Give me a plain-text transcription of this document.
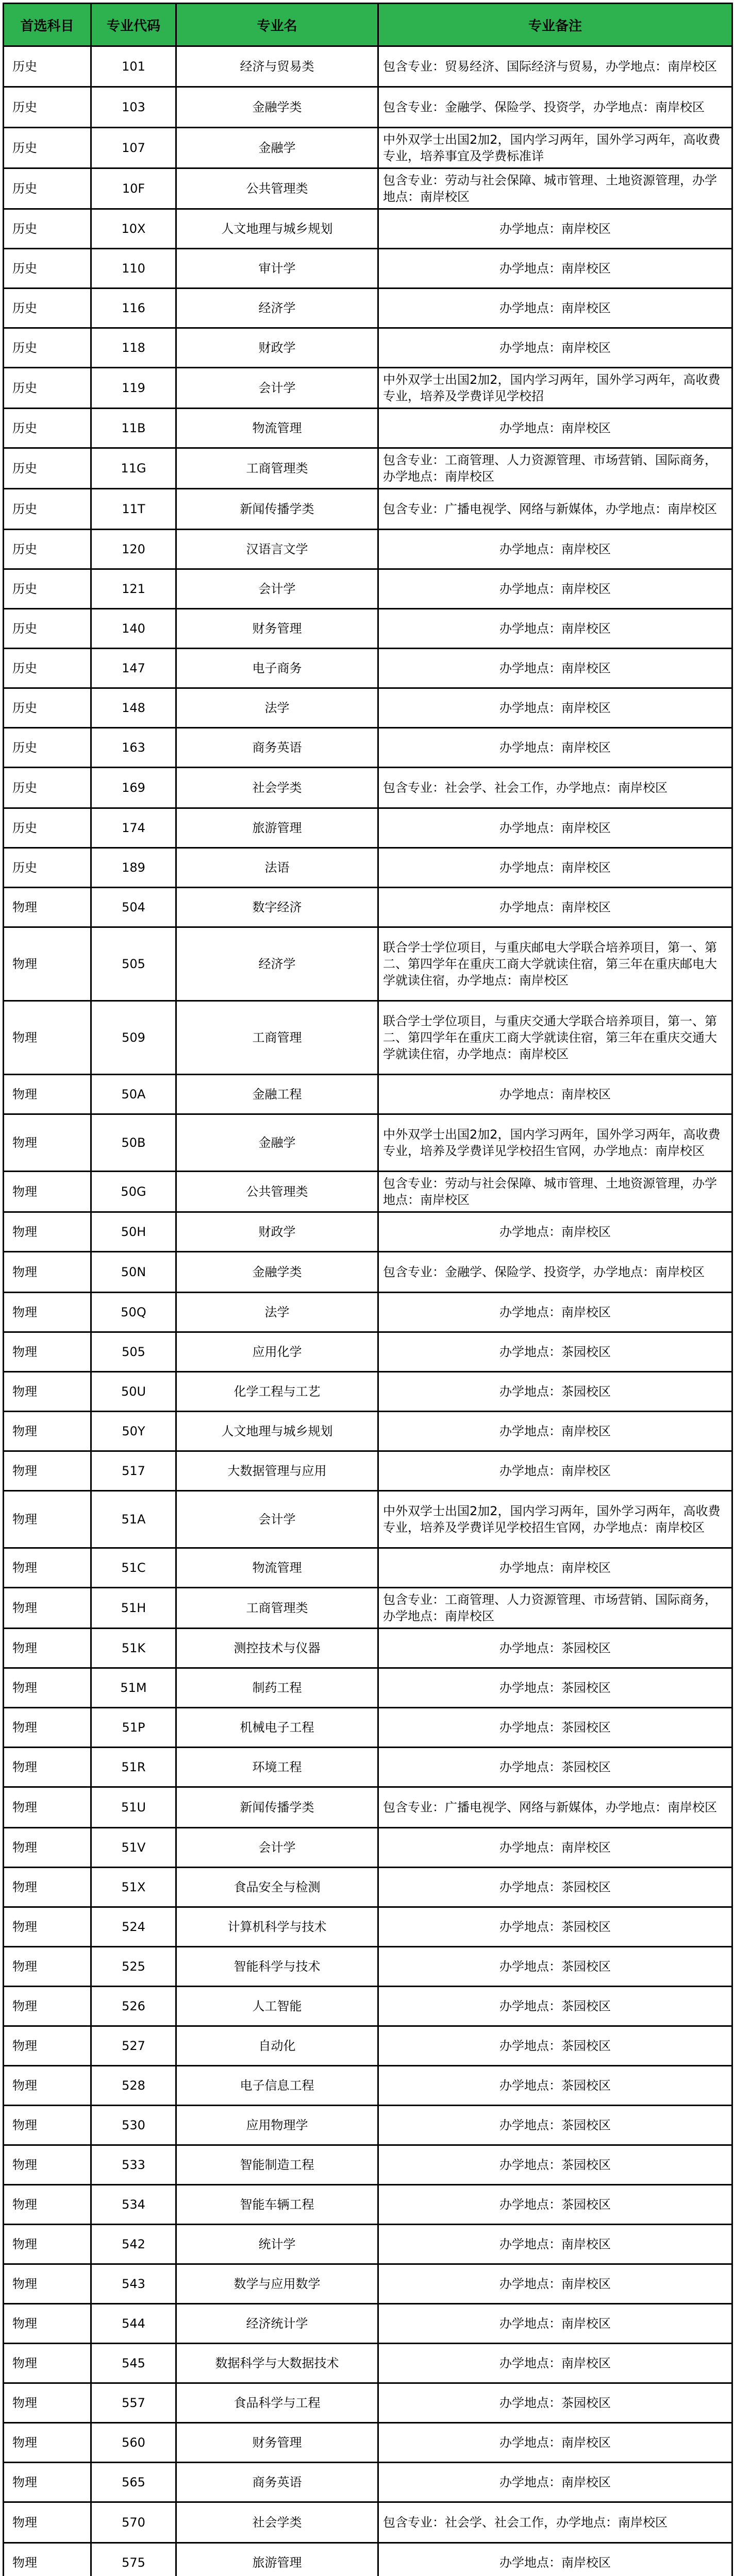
首选科目	专业代码	专业名	专业备注
历史	101	经济与贸易类	包含专业：贸易经济、国际经济与贸易，办学地点：南岸校区
历史	103	金融学类	包含专业：金融学、保险学、投资学，办学地点：南岸校区
历史	107	金融学	中外双学士出国2加2，国内学习两年，国外学习两年，高收费专业，培养事宜及学费标准详
历史	10F	公共管理类	包含专业：劳动与社会保障、城市管理、土地资源管理，办学地点：南岸校区
历史	10X	人文地理与城乡规划	办学地点：南岸校区
历史	110	审计学	办学地点：南岸校区
历史	116	经济学	办学地点：南岸校区
历史	118	财政学	办学地点：南岸校区
历史	119	会计学	中外双学士出国2加2，国内学习两年，国外学习两年，高收费专业，培养及学费详见学校招
历史	11B	物流管理	办学地点：南岸校区
历史	11G	工商管理类	包含专业：工商管理、人力资源管理、市场营销、国际商务，办学地点：南岸校区
历史	11T	新闻传播学类	包含专业：广播电视学、网络与新媒体，办学地点：南岸校区
历史	120	汉语言文学	办学地点：南岸校区
历史	121	会计学	办学地点：南岸校区
历史	140	财务管理	办学地点：南岸校区
历史	147	电子商务	办学地点：南岸校区
历史	148	法学	办学地点：南岸校区
历史	163	商务英语	办学地点：南岸校区
历史	169	社会学类	包含专业：社会学、社会工作，办学地点：南岸校区
历史	174	旅游管理	办学地点：南岸校区
历史	189	法语	办学地点：南岸校区
物理	504	数字经济	办学地点：南岸校区
物理	505	经济学	联合学士学位项目，与重庆邮电大学联合培养项目，第一、第二、第四学年在重庆工商大学就读住宿，第三年在重庆邮电大学就读住宿，办学地点：南岸校区
物理	509	工商管理	联合学士学位项目，与重庆交通大学联合培养项目，第一、第二、第四学年在重庆工商大学就读住宿，第三年在重庆交通大学就读住宿，办学地点：南岸校区
物理	50A	金融工程	办学地点：南岸校区
物理	50B	金融学	中外双学士出国2加2，国内学习两年，国外学习两年，高收费专业，培养及学费详见学校招生官网，办学地点：南岸校区
物理	50G	公共管理类	包含专业：劳动与社会保障、城市管理、土地资源管理，办学地点：南岸校区
物理	50H	财政学	办学地点：南岸校区
物理	50N	金融学类	包含专业：金融学、保险学、投资学，办学地点：南岸校区
物理	50Q	法学	办学地点：南岸校区
物理	505	应用化学	办学地点：茶园校区
物理	50U	化学工程与工艺	办学地点：茶园校区
物理	50Y	人文地理与城乡规划	办学地点：南岸校区
物理	517	大数据管理与应用	办学地点：南岸校区
物理	51A	会计学	中外双学士出国2加2，国内学习两年，国外学习两年，高收费专业，培养及学费详见学校招生官网，办学地点：南岸校区
物理	51C	物流管理	办学地点：南岸校区
物理	51H	工商管理类	包含专业：工商管理、人力资源管理、市场营销、国际商务，办学地点：南岸校区
物理	51K	测控技术与仪器	办学地点：茶园校区
物理	51M	制药工程	办学地点：茶园校区
物理	51P	机械电子工程	办学地点：茶园校区
物理	51R	环境工程	办学地点：茶园校区
物理	51U	新闻传播学类	包含专业：广播电视学、网络与新媒体，办学地点：南岸校区
物理	51V	会计学	办学地点：南岸校区
物理	51X	食品安全与检测	办学地点：茶园校区
物理	524	计算机科学与技术	办学地点：茶园校区
物理	525	智能科学与技术	办学地点：茶园校区
物理	526	人工智能	办学地点：茶园校区
物理	527	自动化	办学地点：茶园校区
物理	528	电子信息工程	办学地点：茶园校区
物理	530	应用物理学	办学地点：茶园校区
物理	533	智能制造工程	办学地点：茶园校区
物理	534	智能车辆工程	办学地点：茶园校区
物理	542	统计学	办学地点：南岸校区
物理	543	数学与应用数学	办学地点：南岸校区
物理	544	经济统计学	办学地点：南岸校区
物理	545	数据科学与大数据技术	办学地点：南岸校区
物理	557	食品科学与工程	办学地点：茶园校区
物理	560	财务管理	办学地点：南岸校区
物理	565	商务英语	办学地点：南岸校区
物理	570	社会学类	包含专业：社会学、社会工作，办学地点：南岸校区
物理	575	旅游管理	办学地点：南岸校区
